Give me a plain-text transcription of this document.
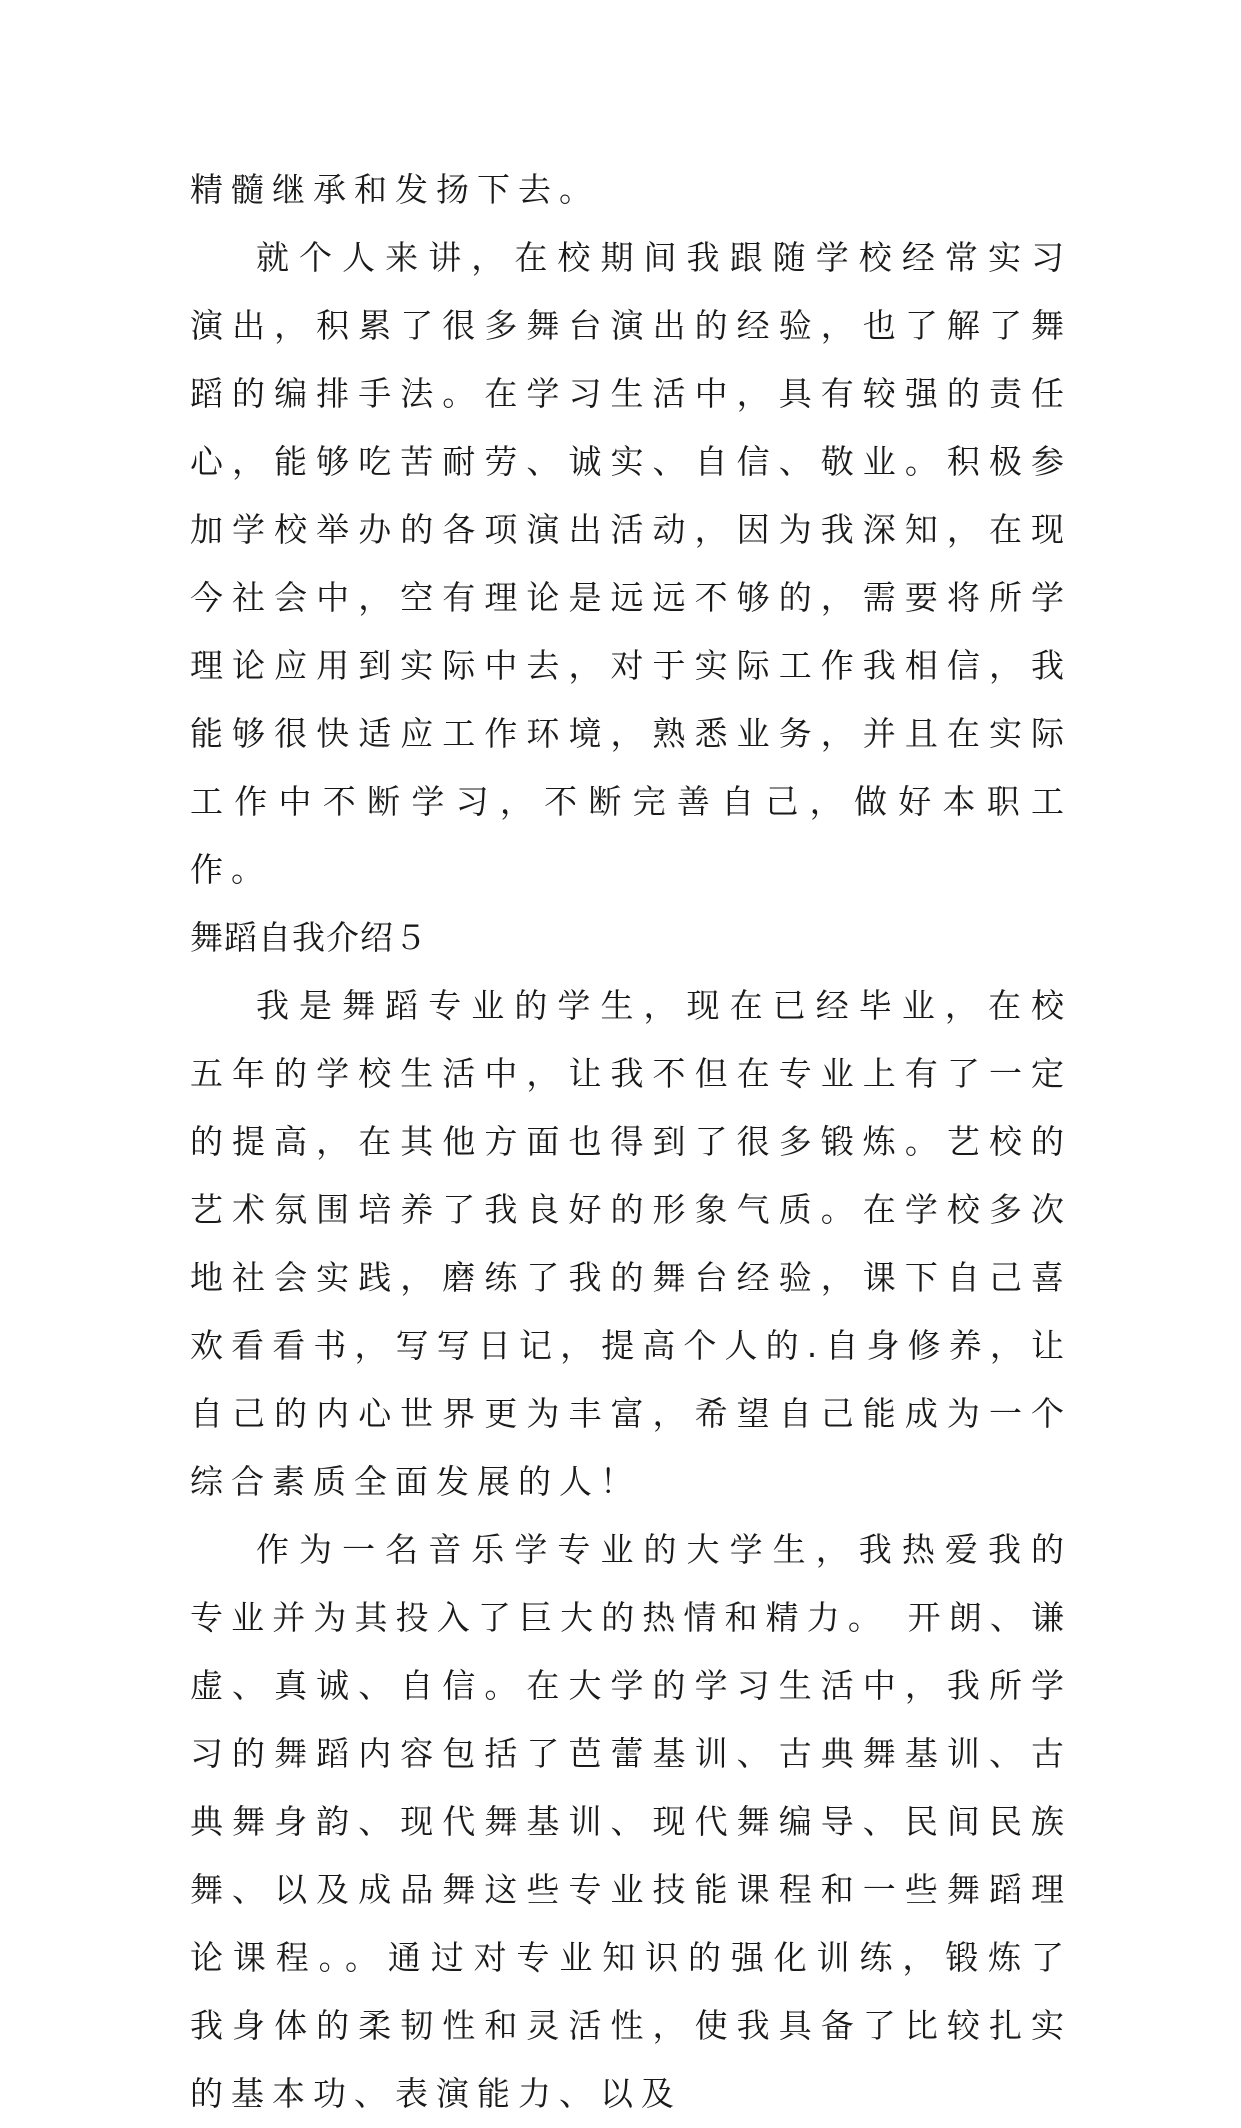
精髓继承和发扬下去。

就个人来讲，在校期间我跟随学校经常实习演出，积累了很多舞台演出的经验，也了解了舞蹈的编排手法。在学习生活中，具有较强的责任心，能够吃苦耐劳、诚实、自信、敬业。积极参加学校举办的各项演出活动，因为我深知，在现今社会中，空有理论是远远不够的，需要将所学理论应用到实际中去，对于实际工作我相信，我能够很快适应工作环境，熟悉业务，并且在实际工作中不断学习，不断完善自己，做好本职工作。

舞蹈自我介绍５

我是舞蹈专业的学生，现在已经毕业，在校五年的学校生活中，让我不但在专业上有了一定的提高，在其他方面也得到了很多锻炼。艺校的艺术氛围培养了我良好的形象气质。在学校多次地社会实践，磨练了我的舞台经验，课下自己喜欢看看书，写写日记，提高个人的.自身修养，让自己的内心世界更为丰富，希望自己能成为一个综合素质全面发展的人！

作为一名音乐学专业的大学生，我热爱我的专业并为其投入了巨大的热情和精力。 开朗、谦虚、真诚、自信。在大学的学习生活中，我所学习的舞蹈内容包括了芭蕾基训、古典舞基训、古典舞身韵、现代舞基训、现代舞编导、民间民族舞、以及成品舞这些专业技能课程和一些舞蹈理论课程。。通过对专业知识的强化训练，锻炼了我身体的柔韧性和灵活性，使我具备了比较扎实的基本功、表演能力、以及
